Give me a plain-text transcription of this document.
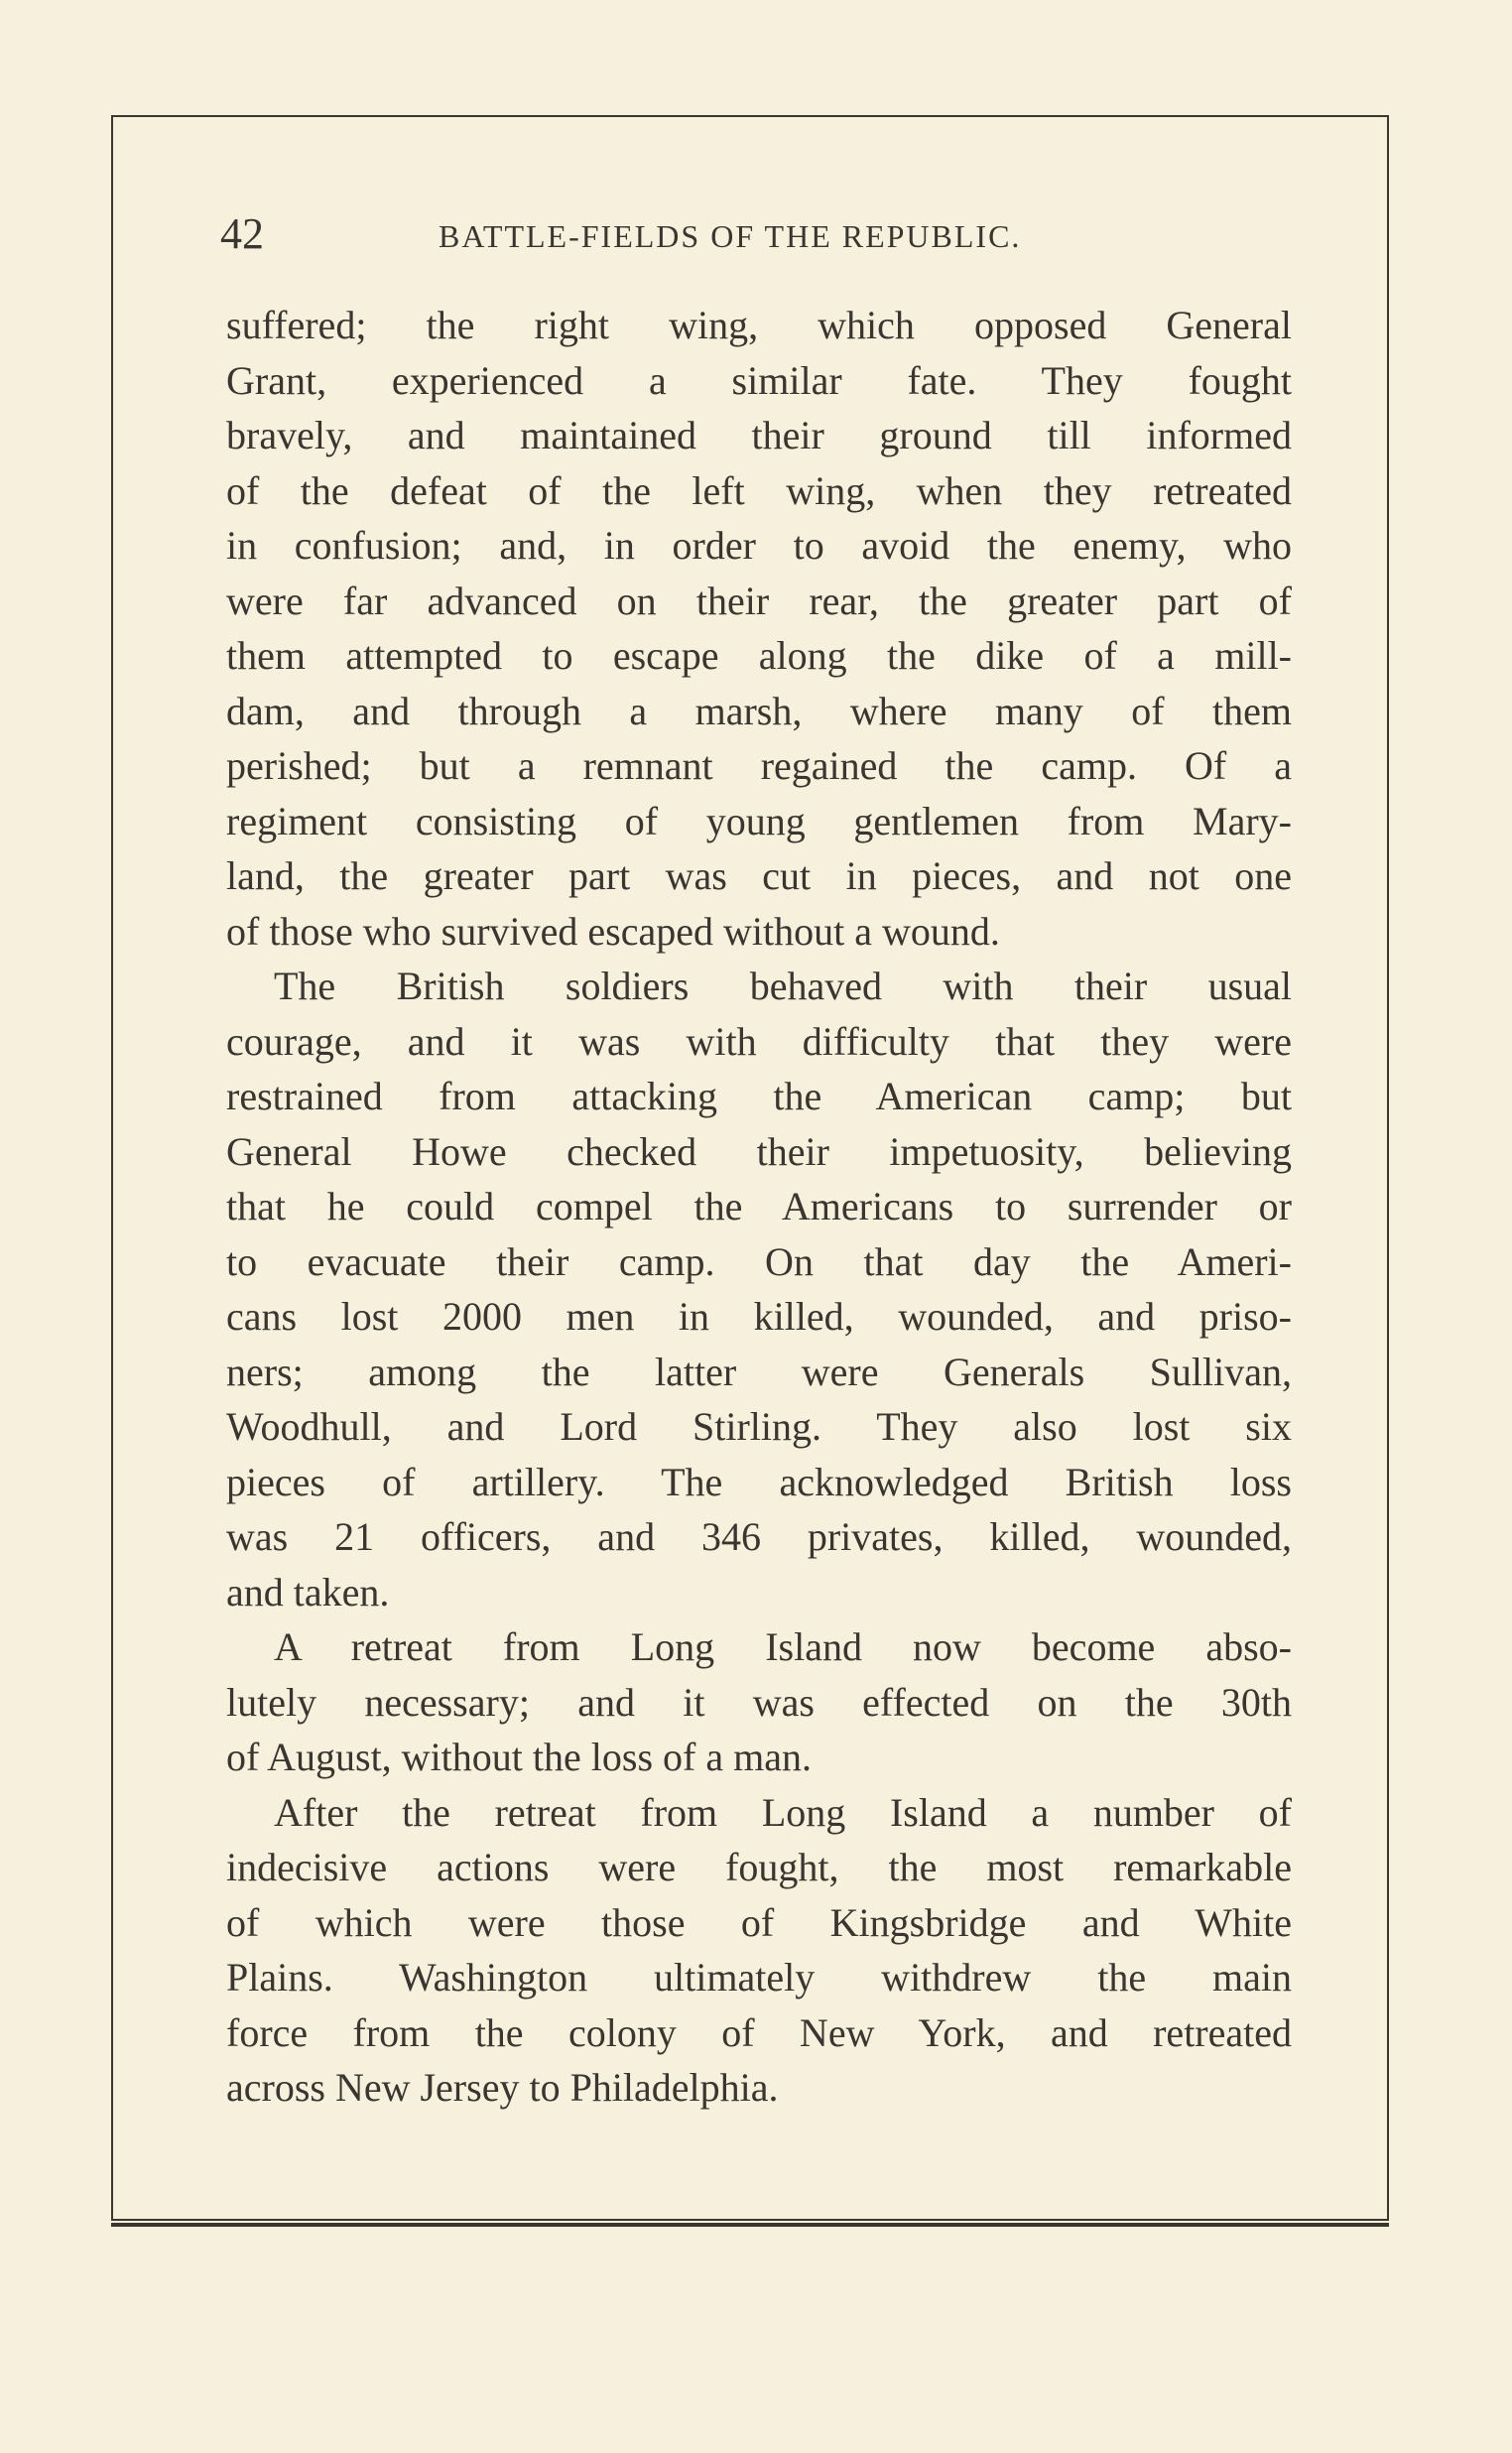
42	BATTLE-FIELDS OF THE REPUBLIC.
suffered; the right wing, which opposed General
Grant, experienced a similar fate. They fought
bravely, and maintained their ground till informed
of the defeat of the left wing, when they retreated
in confusion; and, in order to avoid the enemy, who
were far advanced on their rear, the greater part of
them attempted to escape along the dike of a mill-
dam, and through a marsh, where many of them
perished; but a remnant regained the camp. Of a
regiment consisting of young gentlemen from Mary-
land, the greater part was cut in pieces, and not one
of those who survived escaped without a wound.
The British soldiers behaved with their usual
courage, and it was with difficulty that they were
restrained from attacking the American camp; but
General Howe checked their impetuosity, believing
that he could compel the Americans to surrender or
to evacuate their camp. On that day the Ameri-
cans lost 2000 men in killed, wounded, and priso-
ners; among the latter were Generals Sullivan,
Woodhull, and Lord Stirling. They also lost six
pieces of artillery. The acknowledged British loss
was 21 officers, and 346 privates, killed, wounded,
and taken.
A retreat from Long Island now become abso-
lutely necessary; and it was effected on the 30th
of August, without the loss of a man.
After the retreat from Long Island a number of
indecisive actions were fought, the most remarkable
of which were those of Kingsbridge and White
Plains. Washington ultimately withdrew the main
force from the colony of New York, and retreated
across New Jersey to Philadelphia.
